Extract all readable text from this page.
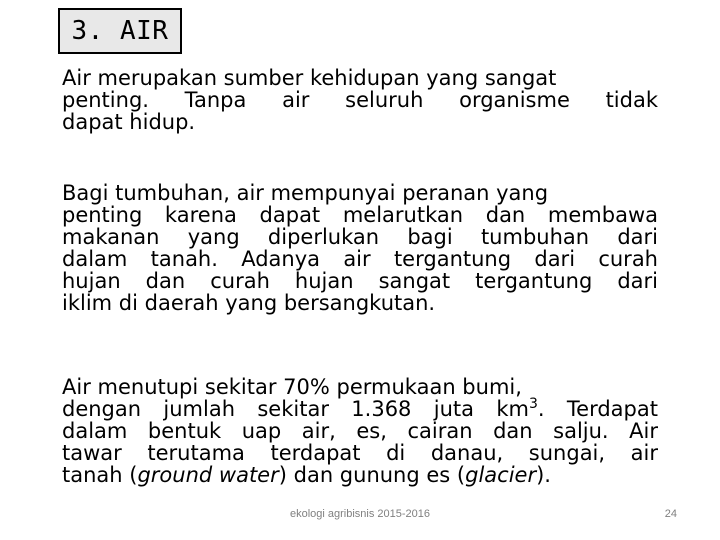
3. AIR

Air merupakan sumber kehidupan yang sangat
penting. Tanpa air seluruh organisme tidak
dapat hidup.

Bagi tumbuhan, air mempunyai peranan yang
penting karena dapat melarutkan dan membawa
makanan yang diperlukan bagi tumbuhan dari
dalam tanah. Adanya air tergantung dari curah
hujan dan curah hujan sangat tergantung dari
iklim di daerah yang bersangkutan.

Air menutupi sekitar 70% permukaan bumi,
dengan jumlah sekitar 1.368 juta $km^3$. Terdapat
dalam bentuk uap air, es, cairan dan salju. Air
tawar terutama terdapat di danau, sungai, air
tanah (ground water) dan gunung es (glacier).

ekologi agribisnis 2015-2016	24
